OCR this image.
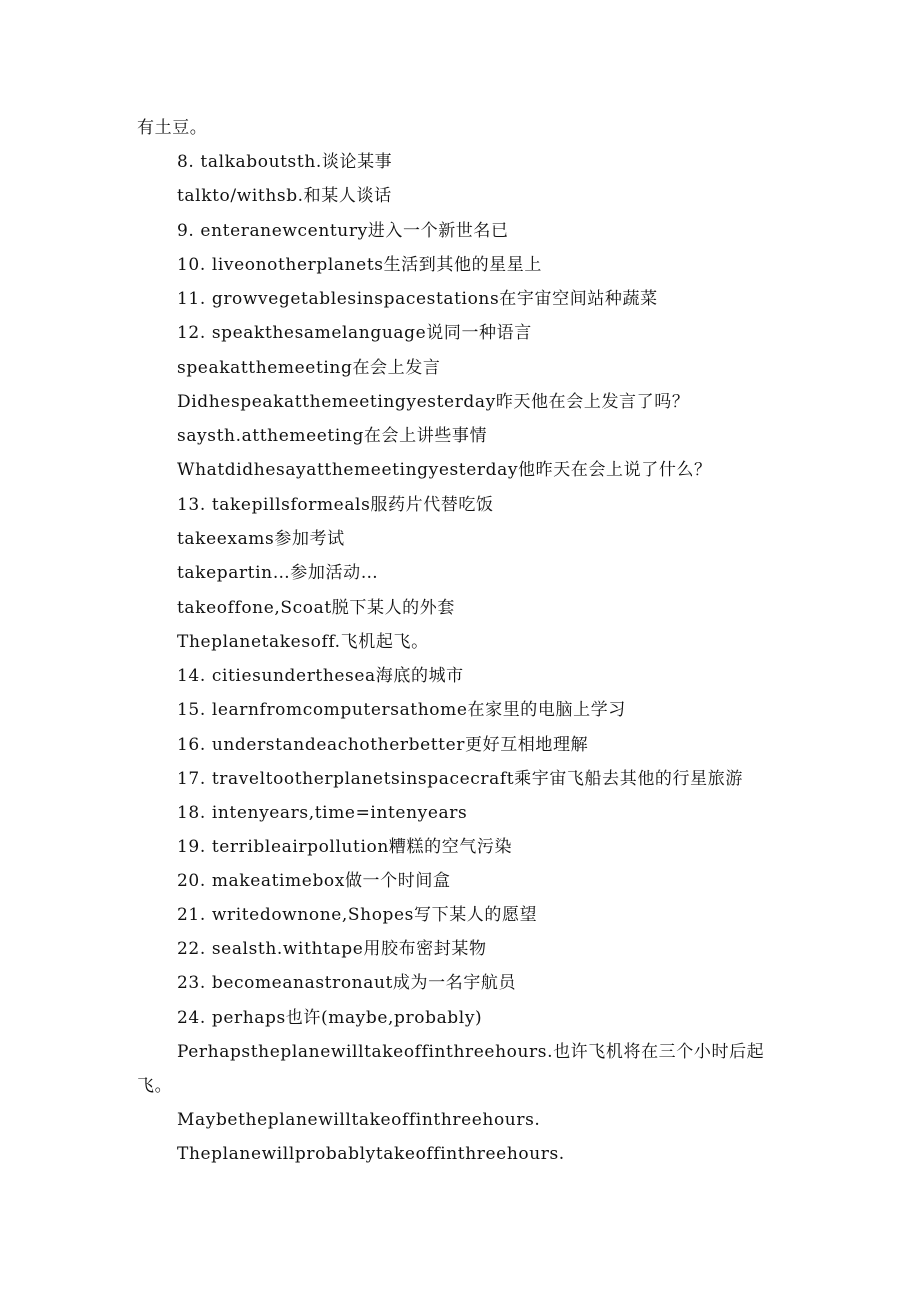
有土豆。

8. talkaboutsth.谈论某事

talkto/withsb.和某人谈话

9. enteranewcentury进入一个新世名已

10. liveonotherplanets生活到其他的星星上

11. growvegetablesinspacestations在宇宙空间站种蔬菜

12. speakthesamelanguage说同一种语言

speakatthemeeting在会上发言

Didhespeakatthemeetingyesterday昨天他在会上发言了吗？

saysth.atthemeeting在会上讲些事情

Whatdidhesayatthemeetingyesterday他昨天在会上说了什么？

13. takepillsformeals服药片代替吃饭

takeexams参加考试

takepartin…参加活动…

takeoffone,Scoat脱下某人的外套

Theplanetakesoff.飞机起飞。

14. citiesunderthesea海底的城市

15. learnfromcomputersathome在家里的电脑上学习

16. understandeachotherbetter更好互相地理解

17. traveltootherplanetsinspacecraft乘宇宙飞船去其他的行星旅游

18. intenyears,time=intenyears

19. terribleairpollution糟糕的空气污染

20. makeatimebox做一个时间盒

21. writedownone,Shopes写下某人的愿望

22. sealsth.withtape用胶布密封某物

23. becomeanastronaut成为一名宇航员

24. perhaps也许(maybe,probably)

Perhapstheplanewilltakeoffinthreehours.也许飞机将在三个小时后起

飞。

Maybetheplanewilltakeoffinthreehours.

Theplanewillprobablytakeoffinthreehours.
